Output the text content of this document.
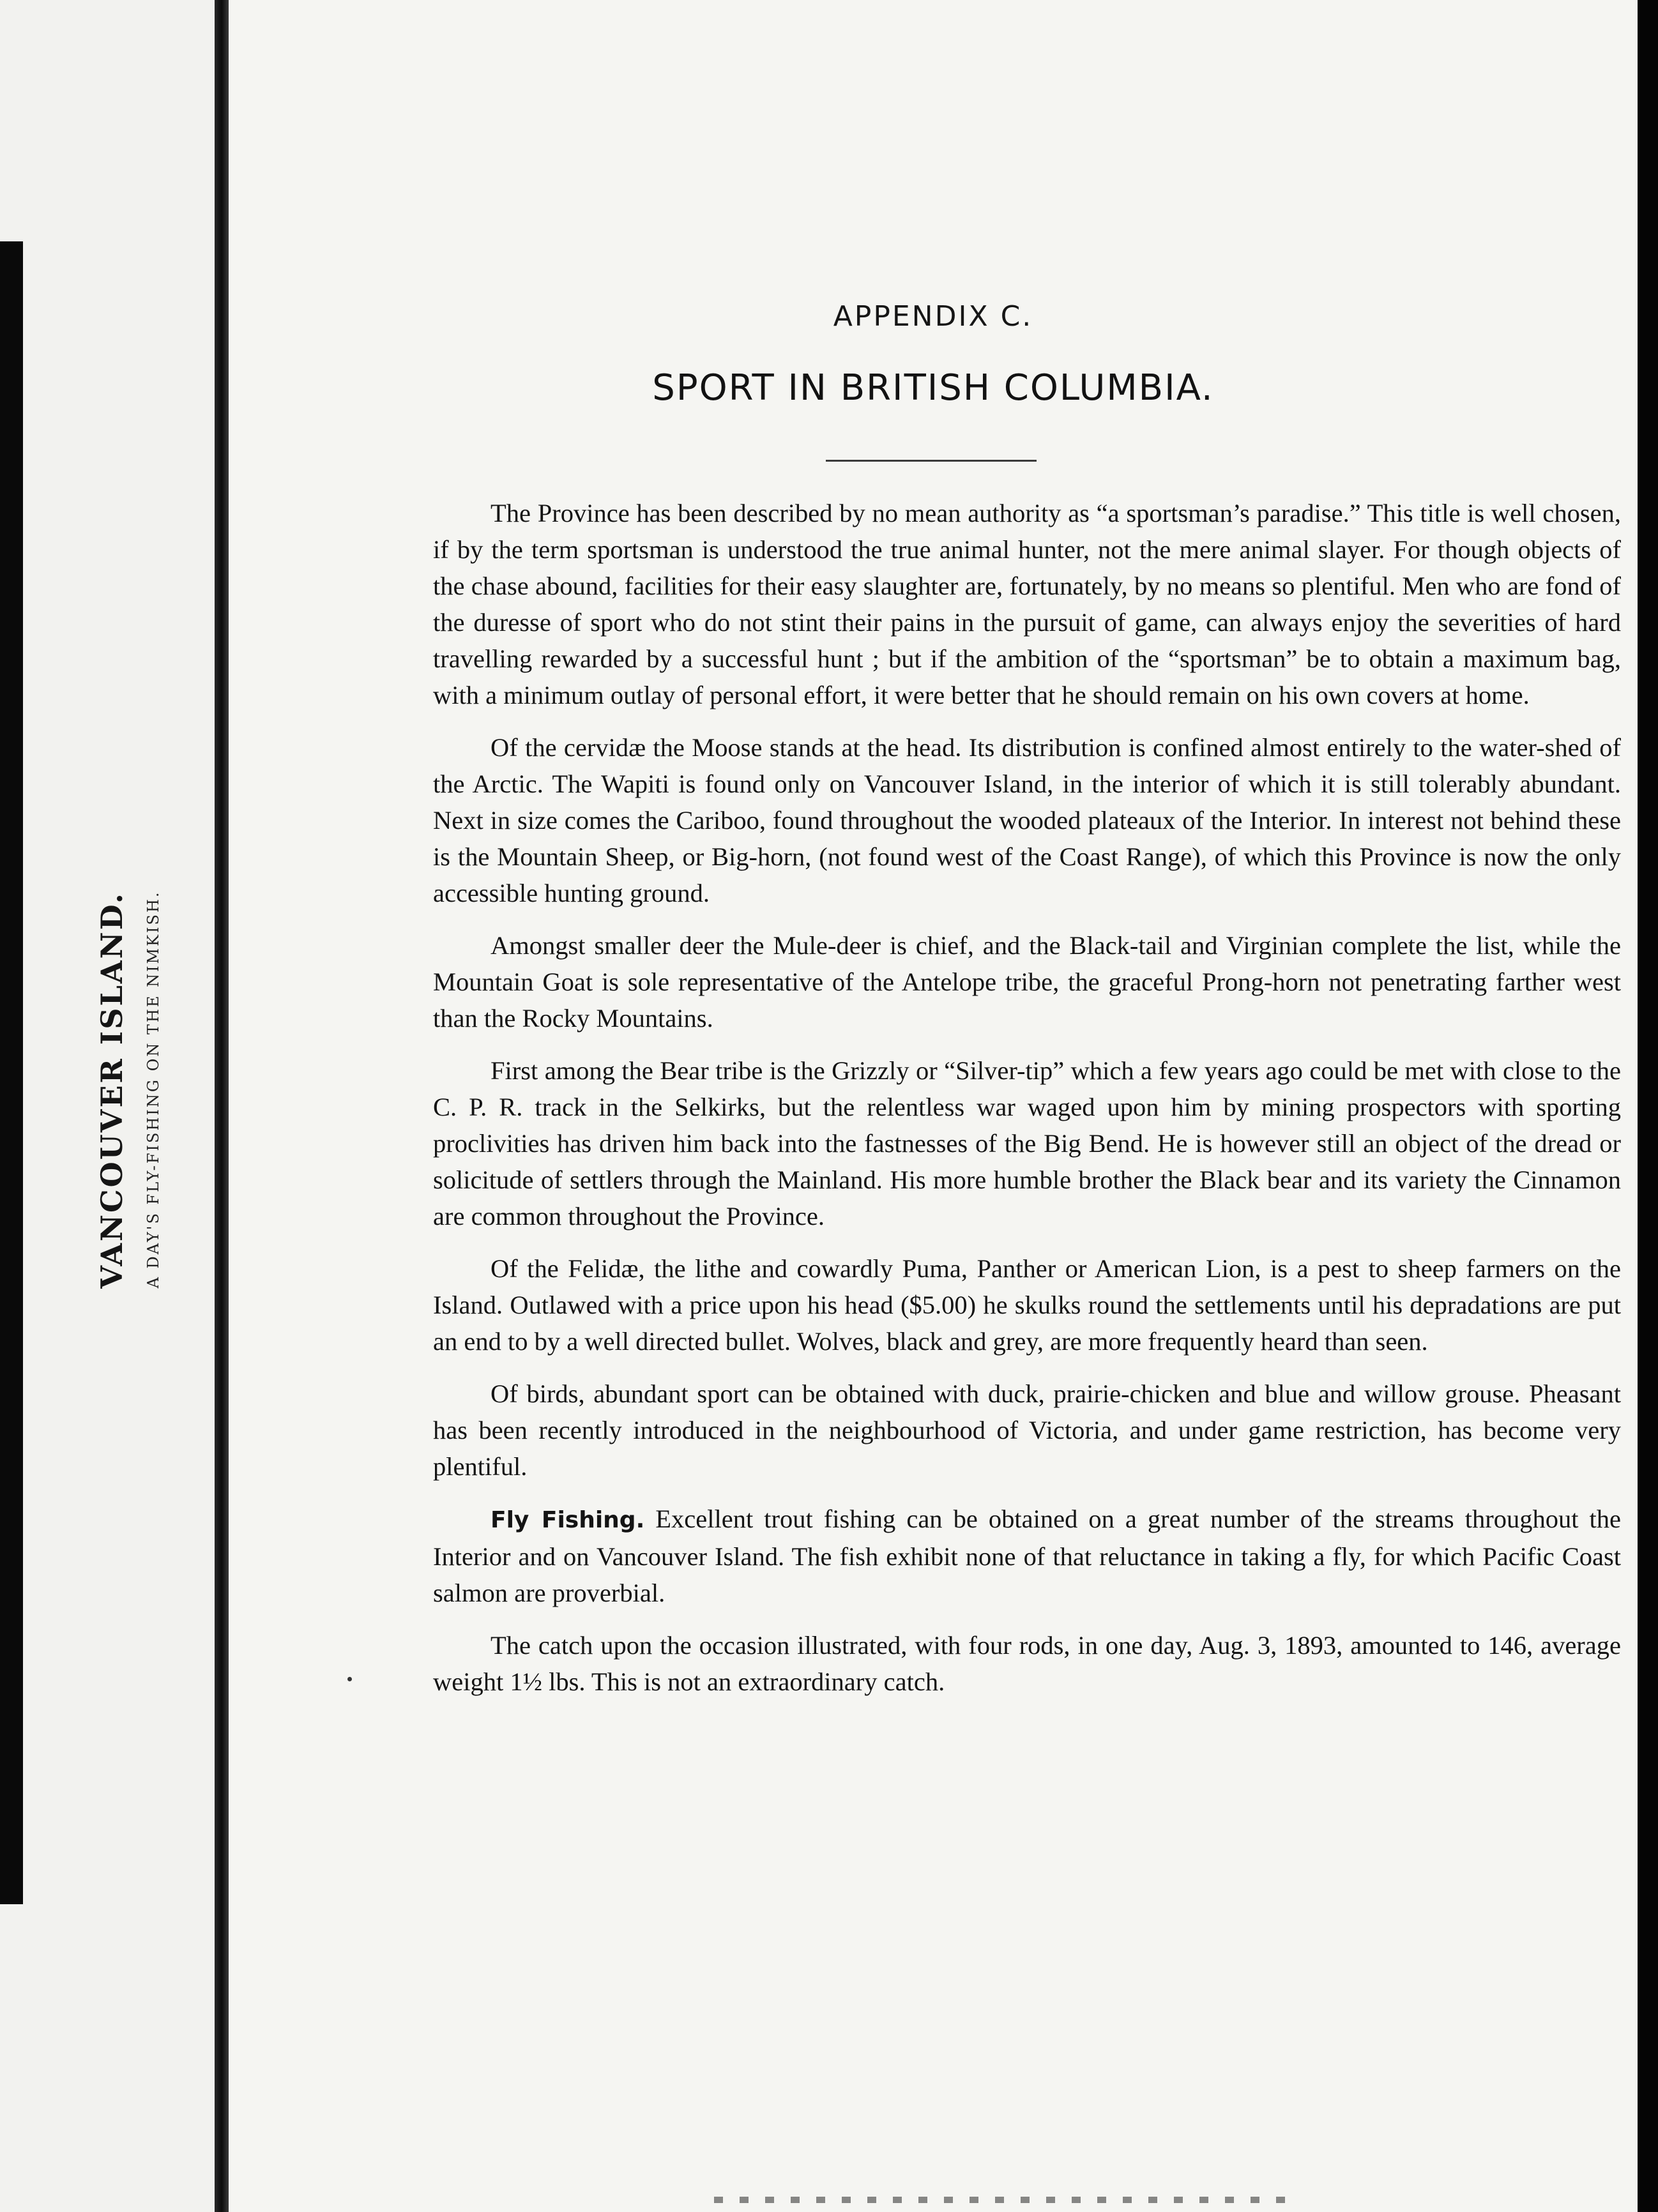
VANCOUVER ISLAND. A DAY'S FLY-FISHING ON THE NIMKISH.
APPENDIX C.
SPORT IN BRITISH COLUMBIA.

The Province has been described by no mean authority as “a sportsman’s paradise.” This title is well chosen, if by the term sportsman is understood the true animal hunter, not the mere animal slayer. For though objects of the chase abound, facilities for their easy slaughter are, fortunately, by no means so plentiful. Men who are fond of the duresse of sport who do not stint their pains in the pursuit of game, can always enjoy the severities of hard travelling rewarded by a successful hunt ; but if the ambition of the “sportsman” be to obtain a maximum bag, with a minimum outlay of personal effort, it were better that he should remain on his own covers at home.

Of the cervidæ the Moose stands at the head. Its distribution is confined almost entirely to the water-shed of the Arctic. The Wapiti is found only on Vancouver Island, in the interior of which it is still tolerably abundant. Next in size comes the Cariboo, found throughout the wooded plateaux of the Interior. In interest not behind these is the Mountain Sheep, or Big-horn, (not found west of the Coast Range), of which this Province is now the only accessible hunting ground.

Amongst smaller deer the Mule-deer is chief, and the Black-tail and Virginian complete the list, while the Mountain Goat is sole representative of the Antelope tribe, the graceful Prong-horn not penetrating farther west than the Rocky Mountains.

First among the Bear tribe is the Grizzly or “Silver-tip” which a few years ago could be met with close to the C. P. R. track in the Selkirks, but the relentless war waged upon him by mining prospectors with sporting proclivities has driven him back into the fastnesses of the Big Bend. He is however still an object of the dread or solicitude of settlers through the Mainland. His more humble brother the Black bear and its variety the Cinnamon are common throughout the Province.

Of the Felidæ, the lithe and cowardly Puma, Panther or American Lion, is a pest to sheep farmers on the Island. Outlawed with a price upon his head ($5.00) he skulks round the settlements until his depradations are put an end to by a well directed bullet. Wolves, black and grey, are more frequently heard than seen.

Of birds, abundant sport can be obtained with duck, prairie-chicken and blue and willow grouse. Pheasant has been recently introduced in the neighbourhood of Victoria, and under game restriction, has become very plentiful.

Fly Fishing. Excellent trout fishing can be obtained on a great number of the streams throughout the Interior and on Vancouver Island. The fish exhibit none of that reluctance in taking a fly, for which Pacific Coast salmon are proverbial.

The catch upon the occasion illustrated, with four rods, in one day, Aug. 3, 1893, amounted to 146, average weight 1½ lbs. This is not an extraordinary catch.
